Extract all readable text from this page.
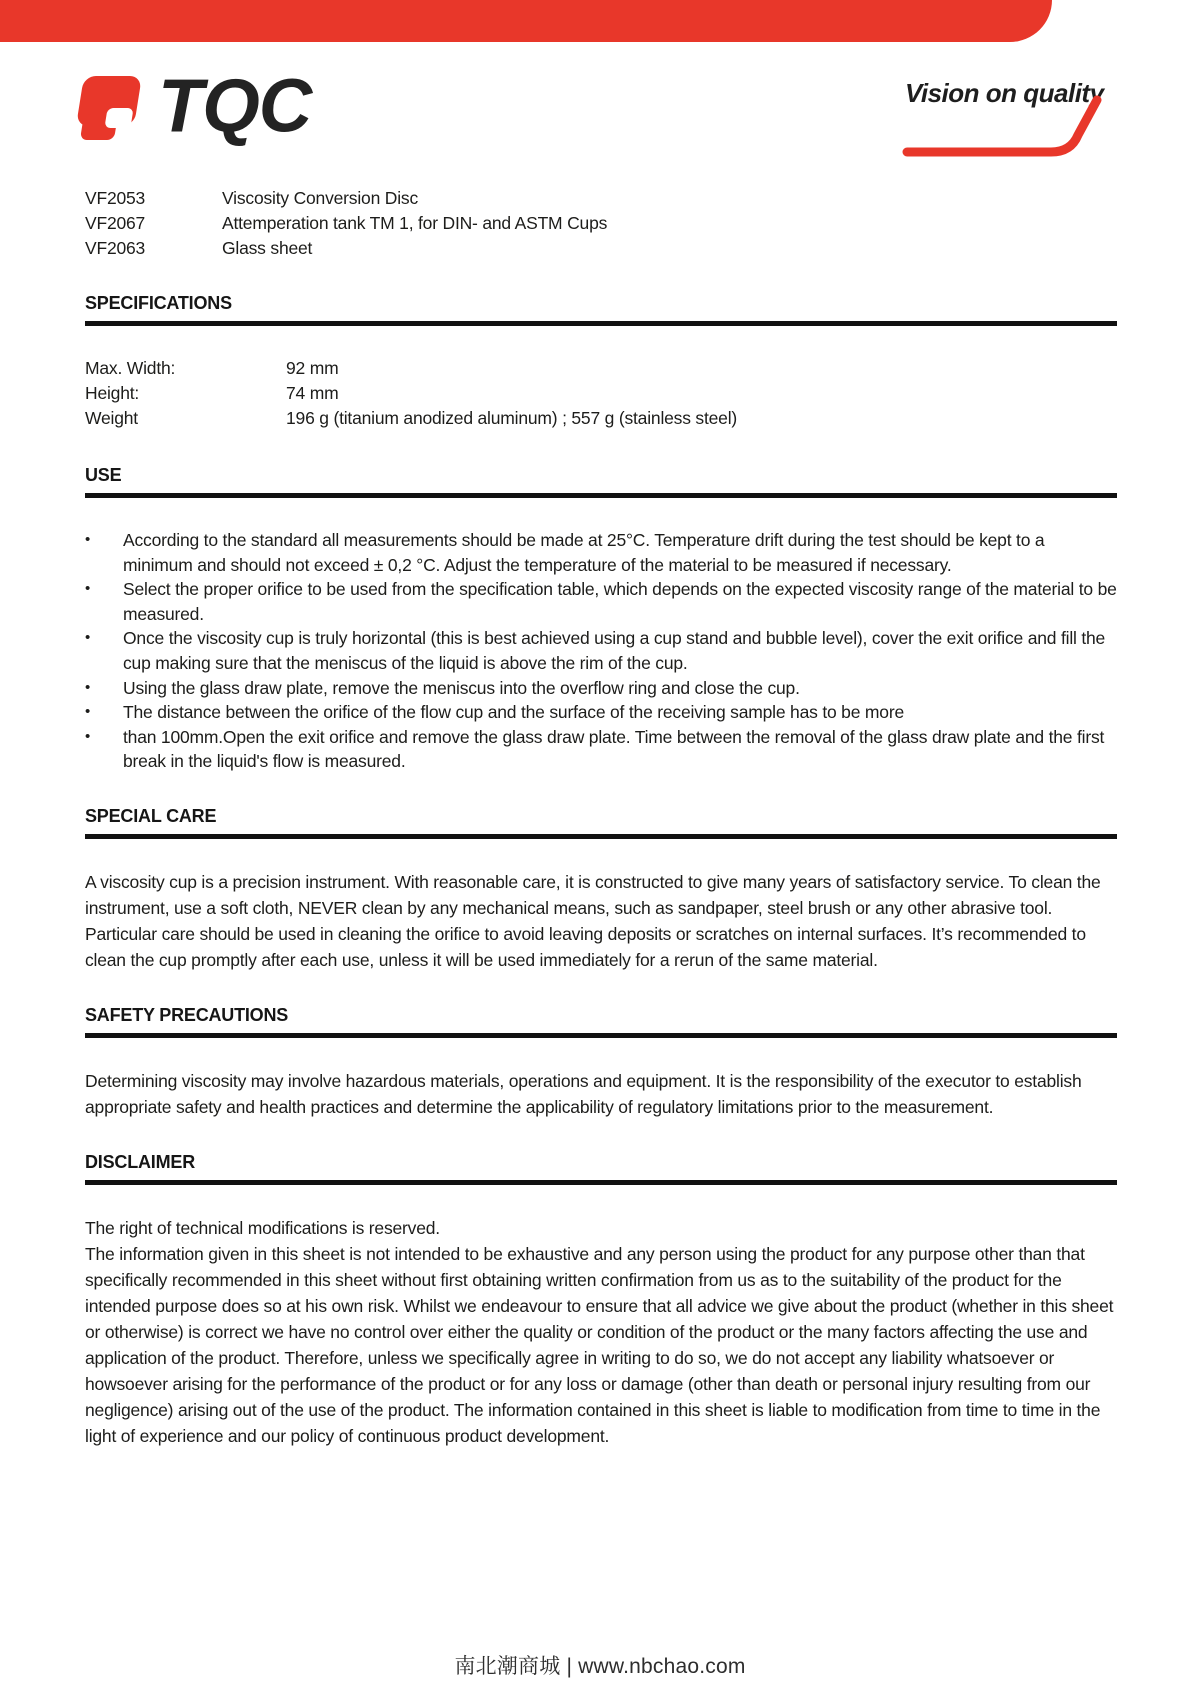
TQC	Vision on quality
VF2053	Viscosity Conversion Disc
VF2067	Attemperation tank TM 1, for DIN- and ASTM Cups
VF2063	Glass sheet
SPECIFICATIONS
Max. Width:	92 mm
Height:	74 mm
Weight	196 g (titanium anodized aluminum) ; 557 g (stainless steel)
USE
•	According to the standard all measurements should be made at 25°C. Temperature drift during the test should be kept to a minimum and should not exceed ± 0,2 °C. Adjust the temperature of the material to be measured if necessary.
•	Select the proper orifice to be used from the specification table, which depends on the expected viscosity range of the material to be measured.
•	Once the viscosity cup is truly horizontal (this is best achieved using a cup stand and bubble level), cover the exit orifice and fill the cup making sure that the meniscus of the liquid is above the rim of the cup.
•	Using the glass draw plate, remove the meniscus into the overflow ring and close the cup.
•	The distance between the orifice of the flow cup and the surface of the receiving sample has to be more
•	than 100mm.Open the exit orifice and remove the glass draw plate. Time between the removal of the glass draw plate and the first break in the liquid's flow is measured.
SPECIAL CARE
A viscosity cup is a precision instrument. With reasonable care, it is constructed to give many years of satisfactory service. To clean the instrument, use a soft cloth, NEVER clean by any mechanical means, such as sandpaper, steel brush or any other abrasive tool. Particular care should be used in cleaning the orifice to avoid leaving deposits or scratches on internal surfaces. It’s recommended to clean the cup promptly after each use, unless it will be used immediately for a rerun of the same material.
SAFETY PRECAUTIONS
Determining viscosity may involve hazardous materials, operations and equipment. It is the responsibility of the executor to establish appropriate safety and health practices and determine the applicability of regulatory limitations prior to the measurement.
DISCLAIMER
The right of technical modifications is reserved.
The information given in this sheet is not intended to be exhaustive and any person using the product for any purpose other than that specifically recommended in this sheet without first obtaining written confirmation from us as to the suitability of the product for the intended purpose does so at his own risk. Whilst we endeavour to ensure that all advice we give about the product (whether in this sheet or otherwise) is correct we have no control over either the quality or condition of the product or the many factors affecting the use and application of the product. Therefore, unless we specifically agree in writing to do so, we do not accept any liability whatsoever or howsoever arising for the performance of the product or for any loss or damage (other than death or personal injury resulting from our negligence) arising out of the use of the product. The information contained in this sheet is liable to modification from time to time in the light of experience and our policy of continuous product development.
南北潮商城 | www.nbchao.com
